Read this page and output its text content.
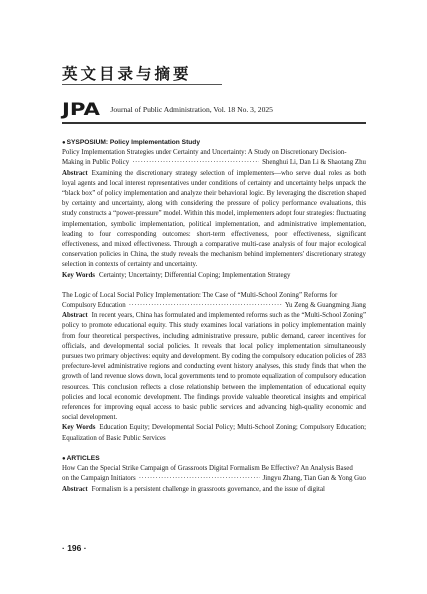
英文目录与摘要
JPA Journal of Public Administration, Vol. 18 No. 3, 2025
●SYSPOSIUM: Policy Implementation Study
Policy Implementation Strategies under Certainty and Uncertainty: A Study on Discretionary Decision-
Making in Public Policy ·····	Shenghui Li, Dan Li & Shaotang Zhu
Abstract Examining the discretionary strategy selection of implementers—who serve dual roles as both loyal agents and local interest representatives under conditions of certainty and uncertainty helps unpack the “black box” of policy implementation and analyze their behavioral logic. By leveraging the discretion shaped by certainty and uncertainty, along with considering the pressure of policy performance evaluations, this study constructs a “power-pressure” model. Within this model, implementers adopt four strategies: fluctuating implementation, symbolic implementation, political implementation, and administrative implementation, leading to four corresponding outcomes: short-term effectiveness, poor effectiveness, significant effectiveness, and mixed effectiveness. Through a comparative multi-case analysis of four major ecological conservation policies in China, the study reveals the mechanism behind implementers' discretionary strategy selection in contexts of certainty and uncertainty.
Key Words Certainty; Uncertainty; Differential Coping; Implementation Strategy
The Logic of Local Social Policy Implementation: The Case of “Multi-School Zoning” Reforms for
Compulsory Education ·····	Yu Zeng & Guangming Jiang
Abstract In recent years, China has formulated and implemented reforms such as the “Multi-School Zoning” policy to promote educational equity. This study examines local variations in policy implementation mainly from four theoretical perspectives, including administrative pressure, public demand, career incentives for officials, and developmental social policies. It reveals that local policy implementation simultaneously pursues two primary objectives: equity and development. By coding the compulsory education policies of 283 prefecture-level administrative regions and conducting event history analyses, this study finds that when the growth of land revenue slows down, local governments tend to promote equalization of compulsory education resources. This conclusion reflects a close relationship between the implementation of educational equity policies and local economic development. The findings provide valuable theoretical insights and empirical references for improving equal access to basic public services and advancing high-quality economic and social development.
Key Words Education Equity; Developmental Social Policy; Multi-School Zoning; Compulsory Education; Equalization of Basic Public Services
●ARTICLES
How Can the Special Strike Campaign of Grassroots Digital Formalism Be Effective? An Analysis Based
on the Campaign Initiators ·····	Jingyu Zhang, Tian Gan & Yong Guo
Abstract Formalism is a persistent challenge in grassroots governance, and the issue of digital
· 196 ·
